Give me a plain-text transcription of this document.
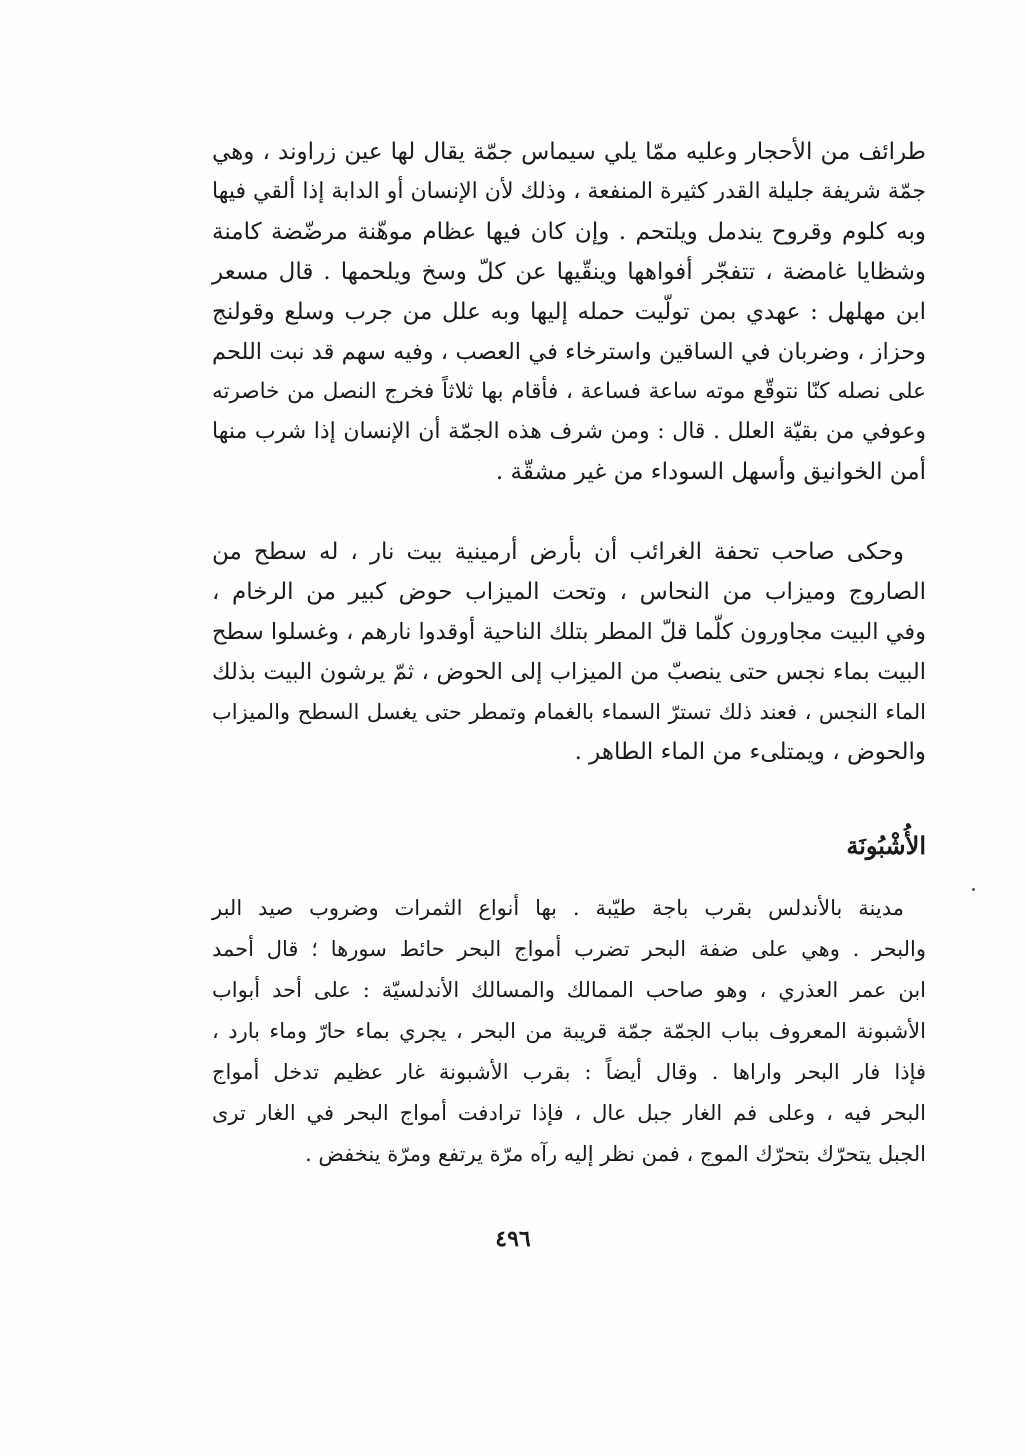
طرائف من الأحجار وعليه ممّا يلي سيماس جمّة يقال لها عين زراوند ، وهي
جمّة شريفة جليلة القدر كثيرة المنفعة ، وذلك لأن الإنسان أو الدابة إذا ألقي فيها
وبه كلوم وقروح يندمل ويلتحم . وإن كان فيها عظام موهّنة مرضّضة كامنة
وشظايا غامضة ، تتفجّر أفواهها وينقّيها عن كلّ وسخ ويلحمها . قال مسعر
ابن مهلهل : عهدي بمن تولّيت حمله إليها وبه علل من جرب وسلع وقولنج
وحزاز ، وضربان في الساقين واسترخاء في العصب ، وفيه سهم قد نبت اللحم
على نصله كنّا نتوقّع موته ساعة فساعة ، فأقام بها ثلاثاً فخرج النصل من خاصرته
وعوفي من بقيّة العلل . قال : ومن شرف هذه الجمّة أن الإنسان إذا شرب منها
أمن الخوانيق وأسهل السوداء من غير مشقّة .
وحكى صاحب تحفة الغرائب أن بأرض أرمينية بيت نار ، له سطح من
الصاروج وميزاب من النحاس ، وتحت الميزاب حوض كبير من الرخام ،
وفي البيت مجاورون كلّما قلّ المطر بتلك الناحية أوقدوا نارهم ، وغسلوا سطح
البيت بماء نجس حتى ينصبّ من الميزاب إلى الحوض ، ثمّ يرشون البيت بذلك
الماء النجس ، فعند ذلك تسترّ السماء بالغمام وتمطر حتى يغسل السطح والميزاب
والحوض ، ويمتلىء من الماء الطاهر .
الأُشْبُونَة
مدينة بالأندلس بقرب باجة طيّبة . بها أنواع الثمرات وضروب صيد البر
والبحر . وهي على ضفة البحر تضرب أمواج البحر حائط سورها ؛ قال أحمد
ابن عمر العذري ، وهو صاحب الممالك والمسالك الأندلسيّة : على أحد أبواب
الأشبونة المعروف بباب الجمّة جمّة قريبة من البحر ، يجري بماء حارّ وماء بارد ،
فإذا فار البحر واراها . وقال أيضاً : بقرب الأشبونة غار عظيم تدخل أمواج
البحر فيه ، وعلى فم الغار جبل عال ، فإذا ترادفت أمواج البحر في الغار ترى
الجبل يتحرّك بتحرّك الموج ، فمن نظر إليه رآه مرّة يرتفع ومرّة ينخفض .
٤٩٦
